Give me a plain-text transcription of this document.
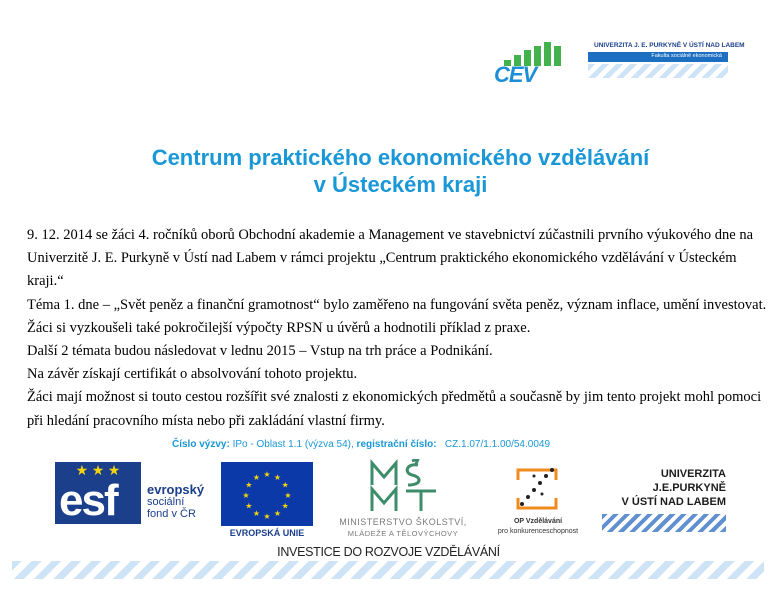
CEV
UNIVERZITA J. E. PURKYNĚ V ÚSTÍ NAD LABEM
Fakulta sociálně ekonomická
Centrum praktického ekonomického vzdělávání
v Ústeckém kraji

9. 12. 2014 se žáci 4. ročníků oborů Obchodní akademie a Management ve stavebnictví zúčastnili prvního výukového dne na Univerzitě J. E. Purkyně v Ústí nad Labem v rámci projektu „Centrum praktického ekonomického vzdělávání v Ústeckém kraji.“

Téma 1. dne – „Svět peněz a finanční gramotnost“ bylo zaměřeno na fungování světa peněz, význam inflace, umění investovat. Žáci si vyzkoušeli také pokročilejší výpočty RPSN u úvěrů a hodnotili příklad z praxe.

Další 2 témata budou následovat v lednu 2015 – Vstup na trh práce a Podnikání.

Na závěr získají certifikát o absolvování tohoto projektu.

Žáci mají možnost si touto cestou rozšířit své znalosti z ekonomických předmětů a současně by jim tento projekt mohl pomoci při hledání pracovního místa nebo při zakládání vlastní firmy.

Číslo výzvy: IPo - Oblast 1.1 (výzva 54), registrační číslo: CZ.1.07/1.1.00/54.0049
★ ★ ★
esf evropský
sociální
fond v ČR
★ ★
★
★
★
★
★
★
★
★
★
★
EVROPSKÁ UNIE
MINISTERSTVO ŠKOLSTVÍ,
MLÁDEŽE A TĚLOVÝCHOVY
OP Vzdělávání
pro konkurenceschopnost
UNIVERZITA
J.E.PURKYNĚ
V ÚSTÍ NAD LABEM
INVESTICE DO ROZVOJE VZDĚLÁVÁNÍ
